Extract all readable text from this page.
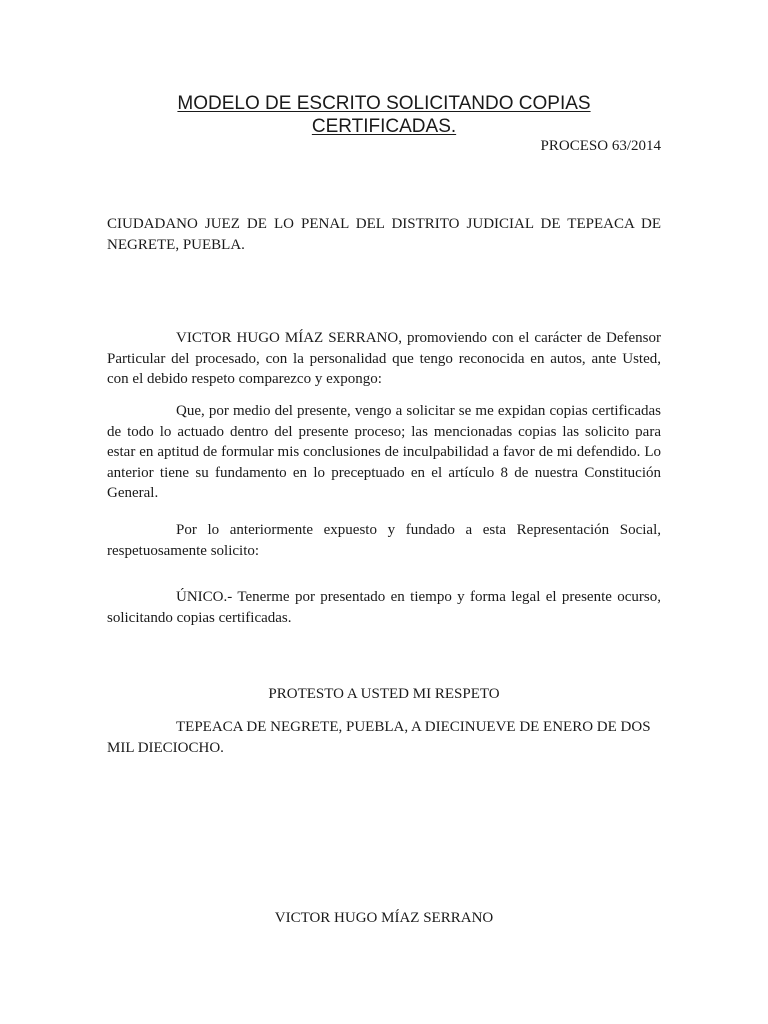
MODELO DE ESCRITO SOLICITANDO COPIAS
CERTIFICADAS.
PROCESO 63/2014

CIUDADANO JUEZ DE LO PENAL DEL DISTRITO JUDICIAL DE TEPEACA DE NEGRETE, PUEBLA.

VICTOR HUGO MÍAZ SERRANO, promoviendo con el carácter de Defensor Particular del procesado, con la personalidad que tengo reconocida en autos, ante Usted, con el debido respeto comparezco y expongo:

Que, por medio del presente, vengo a solicitar se me expidan copias certificadas de todo lo actuado dentro del presente proceso; las mencionadas copias las solicito para estar en aptitud de formular mis conclusiones de inculpabilidad a favor de mi defendido. Lo anterior tiene su fundamento en lo preceptuado en el artículo 8 de nuestra Constitución General.

Por lo anteriormente expuesto y fundado a esta Representación Social, respetuosamente solicito:

ÚNICO.- Tenerme por presentado en tiempo y forma legal el presente ocurso, solicitando copias certificadas.

PROTESTO A USTED MI RESPETO

TEPEACA DE NEGRETE, PUEBLA, A DIECINUEVE DE ENERO DE DOS MIL DIECIOCHO.

VICTOR HUGO MÍAZ SERRANO
